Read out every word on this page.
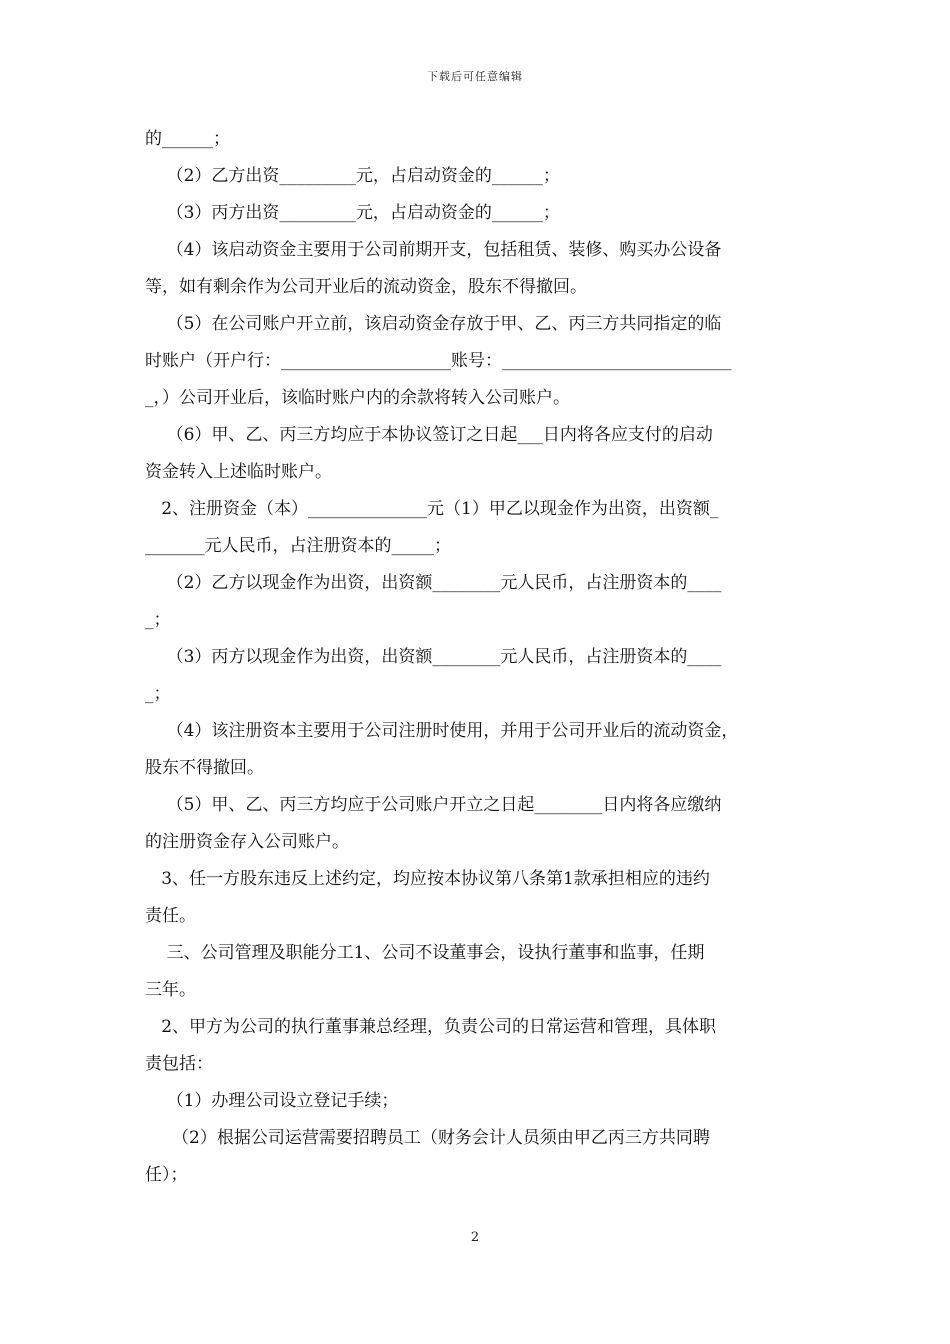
下载后可任意编辑
的______；
（2）乙方出资_________元，占启动资金的______；
（3）丙方出资_________元，占启动资金的______；
（4）该启动资金主要用于公司前期开支，包括租赁、装修、购买办公设备
等，如有剩余作为公司开业后的流动资金，股东不得撤回。
（5）在公司账户开立前，该启动资金存放于甲、乙、丙三方共同指定的临
时账户（开户行：____________________账号：___________________________
_，）公司开业后，该临时账户内的余款将转入公司账户。
（6）甲、乙、丙三方均应于本协议签订之日起___日内将各应支付的启动
资金转入上述临时账户。
2、注册资金（本）______________元（1）甲乙以现金作为出资，出资额_
_______元人民币，占注册资本的_____；
（2）乙方以现金作为出资，出资额________元人民币，占注册资本的____
_；
（3）丙方以现金作为出资，出资额________元人民币，占注册资本的____
_；
（4）该注册资本主要用于公司注册时使用，并用于公司开业后的流动资金，
股东不得撤回。
（5）甲、乙、丙三方均应于公司账户开立之日起________日内将各应缴纳
的注册资金存入公司账户。
3、任一方股东违反上述约定，均应按本协议第八条第1款承担相应的违约
责任。
三、公司管理及职能分工1、公司不设董事会，设执行董事和监事，任期
三年。
2、甲方为公司的执行董事兼总经理，负责公司的日常运营和管理，具体职
责包括：
（1）办理公司设立登记手续；
（2）根据公司运营需要招聘员工（财务会计人员须由甲乙丙三方共同聘
任）；
2
